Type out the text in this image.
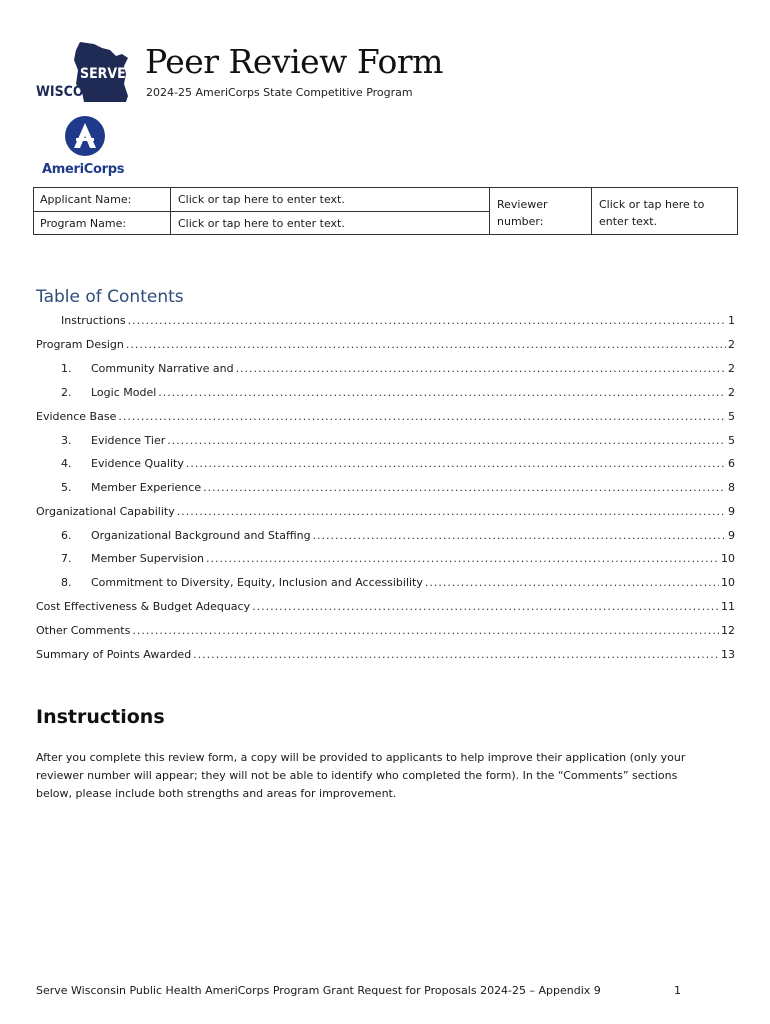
SERVE
WISCONSIN
Peer Review Form
2024-25 AmeriCorps State Competitive Program
AmeriCorps
Applicant Name:	Click or tap here to enter text.
Program Name:	Click or tap here to enter text.
Reviewer number:
Click or tap here to enter text.
Table of Contents
Instructions .....	1
Program Design .....	2
1.	Community Narrative and .....	2
2.	Logic Model .....	2
Evidence Base .....	5
3.	Evidence Tier .....	5
4.	Evidence Quality .....	6
5.	Member Experience .....	8
Organizational Capability .....	9
6.	Organizational Background and Staffing .....	9
7.	Member Supervision .....	10
8.	Commitment to Diversity, Equity, Inclusion and Accessibility .....	10
Cost Effectiveness & Budget Adequacy .....	11
Other Comments .....	12
Summary of Points Awarded .....	13
Instructions
After you complete this review form, a copy will be provided to applicants to help improve their application (only your reviewer number will appear; they will not be able to identify who completed the form). In the “Comments” sections below, please include both strengths and areas for improvement.
Serve Wisconsin Public Health AmeriCorps Program Grant Request for Proposals 2024-25 – Appendix 9	1
